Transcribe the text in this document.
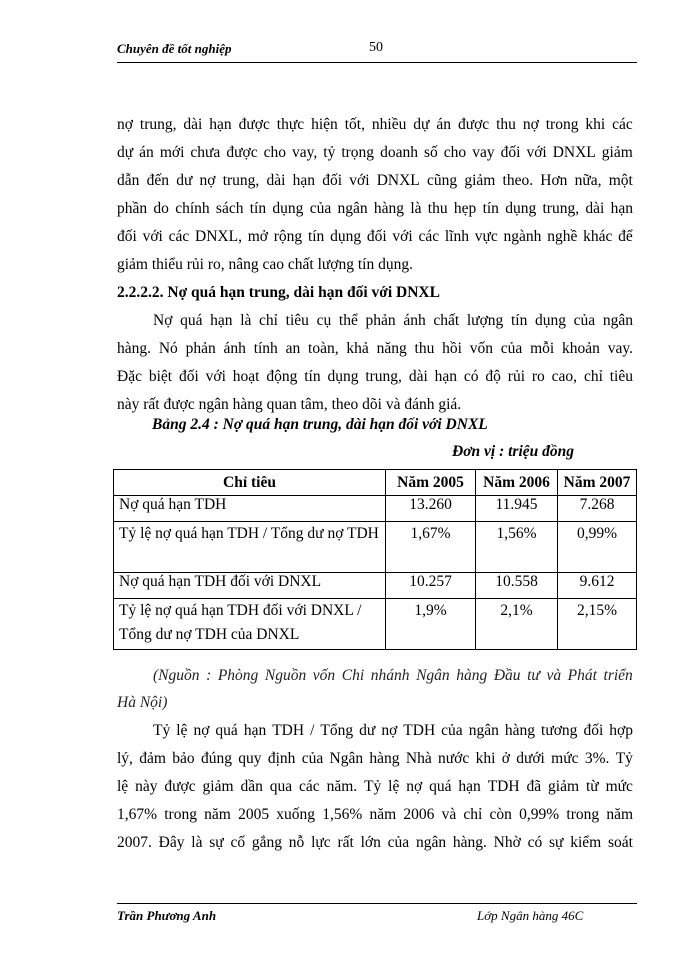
Chuyên đề tốt nghiệp	50
nợ trung, dài hạn được thực hiện tốt, nhiều dự án được thu nợ trong khi các
dự án mới chưa được cho vay, tỷ trọng doanh số cho vay đối với DNXL giảm
dẫn đến dư nợ trung, dài hạn đối với DNXL cũng giảm theo. Hơn nữa, một
phần do chính sách tín dụng của ngân hàng là thu hẹp tín dụng trung, dài hạn
đối với các DNXL, mở rộng tín dụng đối với các lĩnh vực ngành nghề khác để
giảm thiểu rủi ro, nâng cao chất lượng tín dụng.
2.2.2.2. Nợ quá hạn trung, dài hạn đối với DNXL
Nợ quá hạn là chỉ tiêu cụ thể phản ánh chất lượng tín dụng của ngân
hàng. Nó phản ánh tính an toàn, khả năng thu hồi vốn của mỗi khoản vay.
Đặc biệt đối với hoạt động tín dụng trung, dài hạn có độ rủi ro cao, chỉ tiêu
này rất được ngân hàng quan tâm, theo dõi và đánh giá.
Bảng 2.4 : Nợ quá hạn trung, dài hạn đối với DNXL
Đơn vị : triệu đồng
Chỉ tiêu	Năm 2005	Năm 2006	Năm 2007
Nợ quá hạn TDH	13.260	11.945	7.268
Tỷ lệ nợ quá hạn TDH / Tổng dư nợ TDH	1,67%	1,56%	0,99%
Nợ quá hạn TDH đối với DNXL	10.257	10.558	9.612
Tỷ lệ nợ quá hạn TDH đối với DNXL / Tổng dư nợ TDH của DNXL	1,9%	2,1%	2,15%
(Nguồn : Phòng Nguồn vốn Chi nhánh Ngân hàng Đầu tư và Phát triển
Hà Nội)
Tỷ lệ nợ quá hạn TDH / Tổng dư nợ TDH của ngân hàng tương đối hợp
lý, đảm bảo đúng quy định của Ngân hàng Nhà nước khi ở dưới mức 3%. Tỷ
lệ này được giảm dần qua các năm. Tỷ lệ nợ quá hạn TDH đã giảm từ mức
1,67% trong năm 2005 xuống 1,56% năm 2006 và chỉ còn 0,99% trong năm
2007. Đây là sự cố gắng nỗ lực rất lớn của ngân hàng. Nhờ có sự kiểm soát
Trần Phương Anh	Lớp Ngân hàng 46C
